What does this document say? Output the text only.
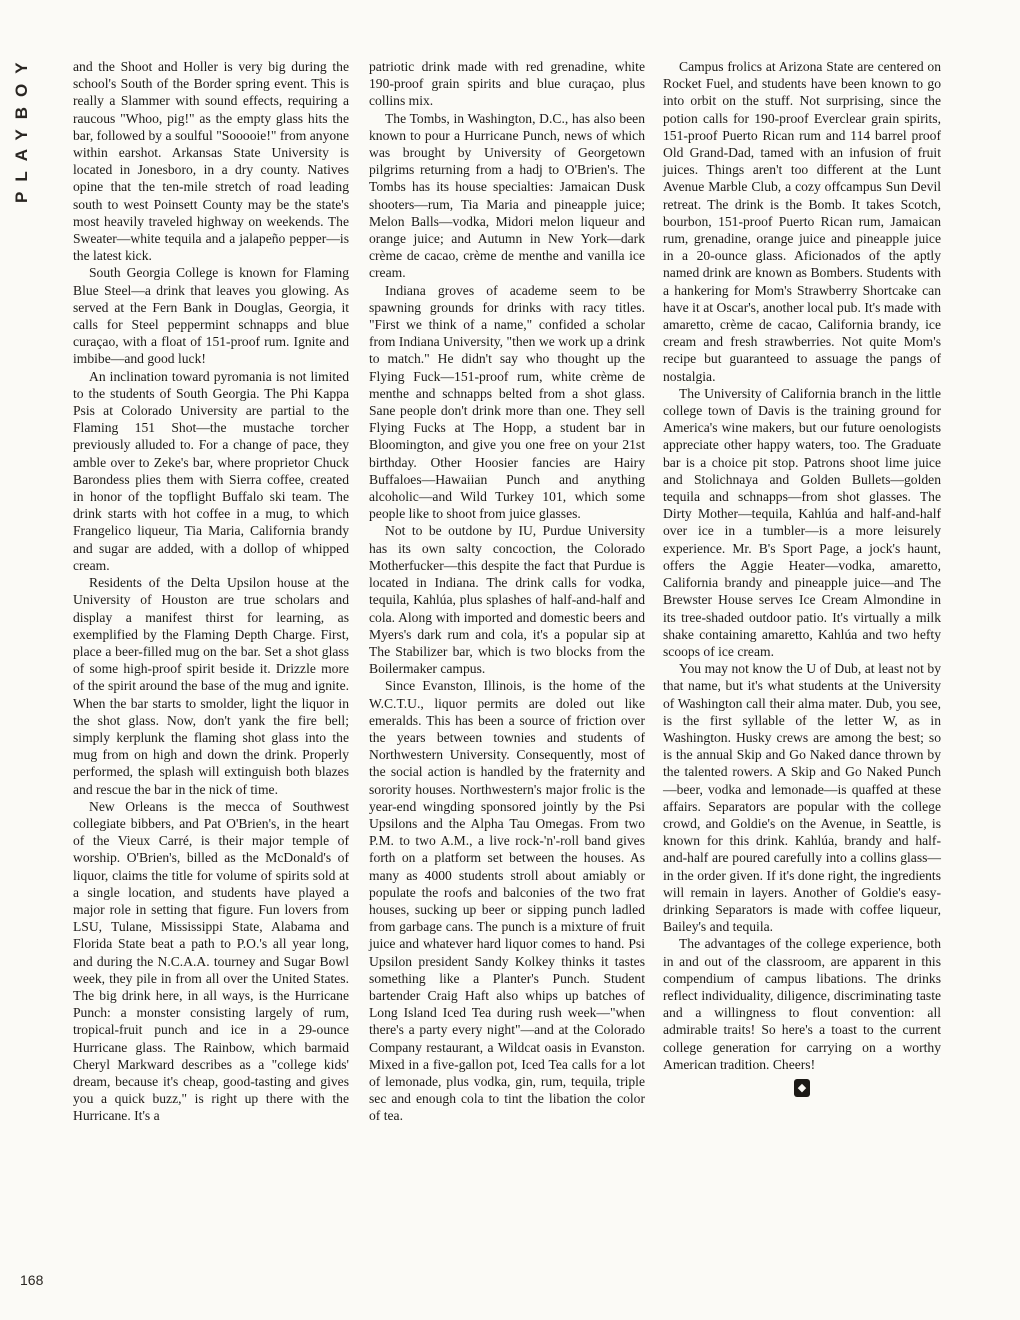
PLAYBOY	and the Shoot and Holler is very big during the school's South of the Border spring event. This is really a Slammer with sound effects, requiring a raucous "Whoo, pig!" as the empty glass hits the bar, followed by a soulful "Sooooie!" from anyone within earshot. Arkansas State University is located in Jonesboro, in a dry county. Natives opine that the ten-mile stretch of road leading south to west Poinsett County may be the state's most heavily traveled highway on weekends. The Sweater—white tequila and a jalapeño pepper—is the latest kick.

South Georgia College is known for Flaming Blue Steel—a drink that leaves you glowing. As served at the Fern Bank in Douglas, Georgia, it calls for Steel peppermint schnapps and blue curaçao, with a float of 151-proof rum. Ignite and imbibe—and good luck!

An inclination toward pyromania is not limited to the students of South Georgia. The Phi Kappa Psis at Colorado University are partial to the Flaming 151 Shot—the mustache torcher previously alluded to. For a change of pace, they amble over to Zeke's bar, where proprietor Chuck Barondess plies them with Sierra coffee, created in honor of the topflight Buffalo ski team. The drink starts with hot coffee in a mug, to which Frangelico liqueur, Tia Maria, California brandy and sugar are added, with a dollop of whipped cream.

Residents of the Delta Upsilon house at the University of Houston are true scholars and display a manifest thirst for learning, as exemplified by the Flaming Depth Charge. First, place a beer-filled mug on the bar. Set a shot glass of some high-proof spirit beside it. Drizzle more of the spirit around the base of the mug and ignite. When the bar starts to smolder, light the liquor in the shot glass. Now, don't yank the fire bell; simply kerplunk the flaming shot glass into the mug from on high and down the drink. Properly performed, the splash will extinguish both blazes and rescue the bar in the nick of time.

New Orleans is the mecca of Southwest collegiate bibbers, and Pat O'Brien's, in the heart of the Vieux Carré, is their major temple of worship. O'Brien's, billed as the McDonald's of liquor, claims the title for volume of spirits sold at a single location, and students have played a major role in setting that figure. Fun lovers from LSU, Tulane, Mississippi State, Alabama and Florida State beat a path to P.O.'s all year long, and during the N.C.A.A. tourney and Sugar Bowl week, they pile in from all over the United States. The big drink here, in all ways, is the Hurricane Punch: a monster consisting largely of rum, tropical-fruit punch and ice in a 29-ounce Hurricane glass. The Rainbow, which barmaid Cheryl Markward describes as a "college kids' dream, because it's cheap, good-tasting and gives you a quick buzz," is right up there with the Hurricane. It's a

patriotic drink made with red grenadine, white 190-proof grain spirits and blue curaçao, plus collins mix.

The Tombs, in Washington, D.C., has also been known to pour a Hurricane Punch, news of which was brought by University of Georgetown pilgrims returning from a hadj to O'Brien's. The Tombs has its house specialties: Jamaican Dusk shooters—rum, Tia Maria and pineapple juice; Melon Balls—vodka, Midori melon liqueur and orange juice; and Autumn in New York—dark crème de cacao, crème de menthe and vanilla ice cream.

Indiana groves of academe seem to be spawning grounds for drinks with racy titles. "First we think of a name," confided a scholar from Indiana University, "then we work up a drink to match." He didn't say who thought up the Flying Fuck—151-proof rum, white crème de menthe and schnapps belted from a shot glass. Sane people don't drink more than one. They sell Flying Fucks at The Hopp, a student bar in Bloomington, and give you one free on your 21st birthday. Other Hoosier fancies are Hairy Buffaloes—Hawaiian Punch and anything alcoholic—and Wild Turkey 101, which some people like to shoot from juice glasses.

Not to be outdone by IU, Purdue University has its own salty concoction, the Colorado Motherfucker—this despite the fact that Purdue is located in Indiana. The drink calls for vodka, tequila, Kahlúa, plus splashes of half-and-half and cola. Along with imported and domestic beers and Myers's dark rum and cola, it's a popular sip at The Stabilizer bar, which is two blocks from the Boilermaker campus.

Since Evanston, Illinois, is the home of the W.C.T.U., liquor permits are doled out like emeralds. This has been a source of friction over the years between townies and students of Northwestern University. Consequently, most of the social action is handled by the fraternity and sorority houses. Northwestern's major frolic is the year-end wingding sponsored jointly by the Psi Upsilons and the Alpha Tau Omegas. From two P.M. to two A.M., a live rock-'n'-roll band gives forth on a platform set between the houses. As many as 4000 students stroll about amiably or populate the roofs and balconies of the two frat houses, sucking up beer or sipping punch ladled from garbage cans. The punch is a mixture of fruit juice and whatever hard liquor comes to hand. Psi Upsilon president Sandy Kolkey thinks it tastes something like a Planter's Punch. Student bartender Craig Haft also whips up batches of Long Island Iced Tea during rush week—"when there's a party every night"—and at the Colorado Company restaurant, a Wildcat oasis in Evanston. Mixed in a five-gallon pot, Iced Tea calls for a lot of lemonade, plus vodka, gin, rum, tequila, triple sec and enough cola to tint the libation the color of tea.

Campus frolics at Arizona State are centered on Rocket Fuel, and students have been known to go into orbit on the stuff. Not surprising, since the potion calls for 190-proof Everclear grain spirits, 151-proof Puerto Rican rum and 114 barrel proof Old Grand-Dad, tamed with an infusion of fruit juices. Things aren't too different at the Lunt Avenue Marble Club, a cozy offcampus Sun Devil retreat. The drink is the Bomb. It takes Scotch, bourbon, 151-proof Puerto Rican rum, Jamaican rum, grenadine, orange juice and pineapple juice in a 20-ounce glass. Aficionados of the aptly named drink are known as Bombers. Students with a hankering for Mom's Strawberry Shortcake can have it at Oscar's, another local pub. It's made with amaretto, crème de cacao, California brandy, ice cream and fresh strawberries. Not quite Mom's recipe but guaranteed to assuage the pangs of nostalgia.

The University of California branch in the little college town of Davis is the training ground for America's wine makers, but our future oenologists appreciate other happy waters, too. The Graduate bar is a choice pit stop. Patrons shoot lime juice and Stolichnaya and Golden Bullets—golden tequila and schnapps—from shot glasses. The Dirty Mother—tequila, Kahlúa and half-and-half over ice in a tumbler—is a more leisurely experience. Mr. B's Sport Page, a jock's haunt, offers the Aggie Heater—vodka, amaretto, California brandy and pineapple juice—and The Brewster House serves Ice Cream Almondine in its tree-shaded outdoor patio. It's virtually a milk shake containing amaretto, Kahlúa and two hefty scoops of ice cream.

You may not know the U of Dub, at least not by that name, but it's what students at the University of Washington call their alma mater. Dub, you see, is the first syllable of the letter W, as in Washington. Husky crews are among the best; so is the annual Skip and Go Naked dance thrown by the talented rowers. A Skip and Go Naked Punch—beer, vodka and lemonade—is quaffed at these affairs. Separators are popular with the college crowd, and Goldie's on the Avenue, in Seattle, is known for this drink. Kahlúa, brandy and half-and-half are poured carefully into a collins glass—in the order given. If it's done right, the ingredients will remain in layers. Another of Goldie's easy-drinking Separators is made with coffee liqueur, Bailey's and tequila.

The advantages of the college experience, both in and out of the classroom, are apparent in this compendium of campus libations. The drinks reflect individuality, diligence, discriminating taste and a willingness to flout convention: all admirable traits! So here's a toast to the current college generation for carrying on a worthy American tradition. Cheers!

◆
168
